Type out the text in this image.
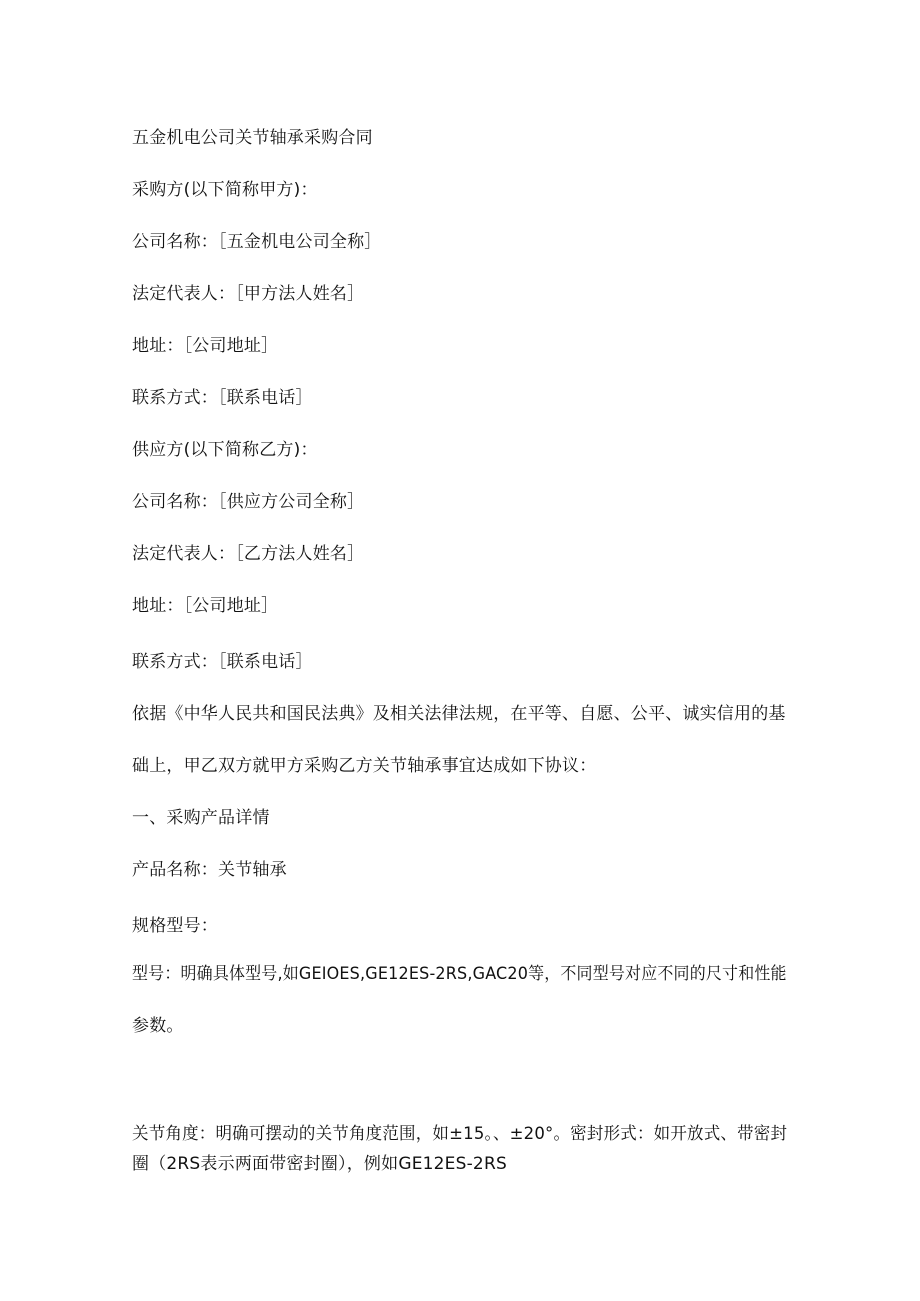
五金机电公司关节轴承采购合同
采购方(以下简称甲方)：
公司名称：［五金机电公司全称］
法定代表人：［甲方法人姓名］
地址：［公司地址］
联系方式：［联系电话］
供应方(以下简称乙方)：
公司名称：［供应方公司全称］
法定代表人：［乙方法人姓名］
地址：［公司地址］
联系方式：［联系电话］
依据《中华人民共和国民法典》及相关法律法规，在平等、自愿、公平、诚实信用的基
础上，甲乙双方就甲方采购乙方关节轴承事宜达成如下协议：
一、采购产品详情
产品名称：关节轴承
规格型号：
型号：明确具体型号,如GEIOES,GE12ES-2RS,GAC20等，不同型号对应不同的尺寸和性能
参数。
关节角度：明确可摆动的关节角度范围，如±15。、±20°。密封形式：如开放式、带密封
圈（2RS表示两面带密封圈），例如GE12ES-2RS
